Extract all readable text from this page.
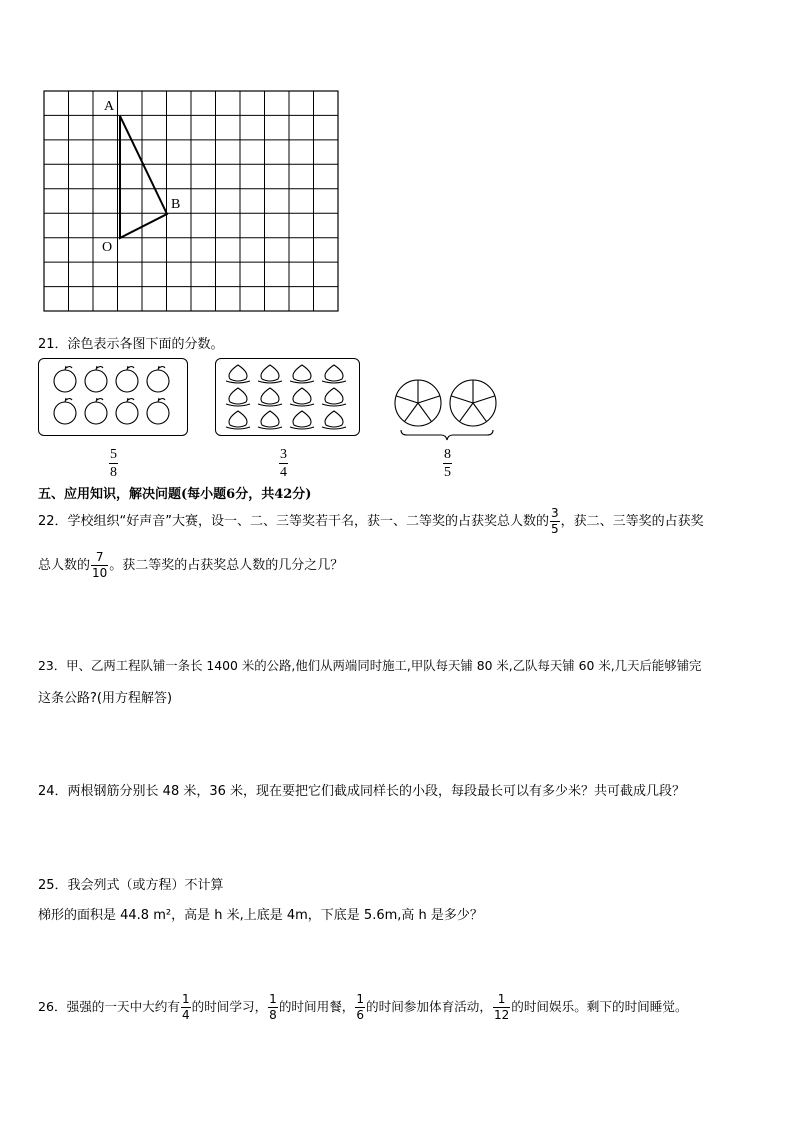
A
B
O
21．涂色表示各图下面的分数。
$\frac{5}{8}$	$\frac{3}{4}$	$\frac{8}{5}$
五、应用知识，解决问题(每小题6分，共42分)
22．学校组织“好声音”大赛，设一、二、三等奖若干名，获一、二等奖的占获奖总人数的 $\frac{3}{5}$ ，获二、三等奖的占获奖
总人数的 $\frac{7}{10}$ 。获二等奖的占获奖总人数的几分之几？
23．甲、乙两工程队铺一条长 1400 米的公路,他们从两端同时施工,甲队每天铺 80 米,乙队每天铺 60 米,几天后能够铺完
这条公路?(用方程解答)
24．两根钢筋分别长 48 米，36 米，现在要把它们截成同样长的小段，每段最长可以有多少米？共可截成几段？
25．我会列式（或方程）不计算
梯形的面积是 44.8 m²，高是 h 米,上底是 4m，下底是 5.6m,高 h 是多少？
26．强强的一天中大约有 $\frac{1}{4}$ 的时间学习， $\frac{1}{8}$ 的时间用餐， $\frac{1}{6}$ 的时间参加体育活动， $\frac{1}{12}$ 的时间娱乐。剩下的时间睡觉。
